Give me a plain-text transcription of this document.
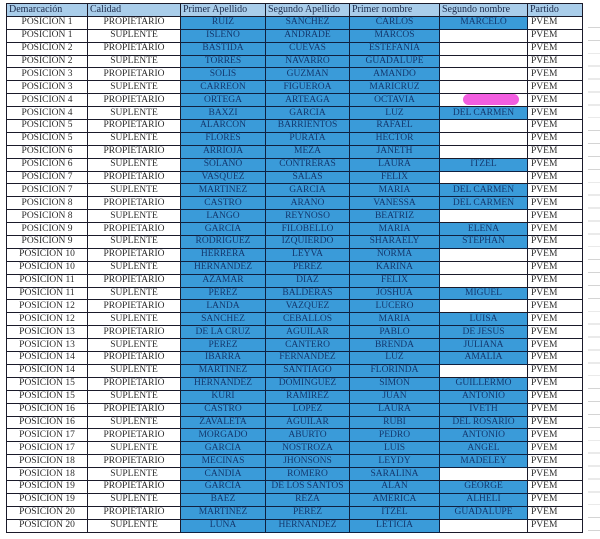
Demarcación	Calidad	Primer Apellido	Segundo Apellido	Primer nombre	Segundo nombre	Partido
POSICION 1	PROPIETARIO	RUIZ	SANCHEZ	CARLOS	MARCELO	PVEM
POSICION 1	SUPLENTE	ISLEÑO	ANDRADE	MARCOS		PVEM
POSICION 2	PROPIETARIO	BASTIDA	CUEVAS	ESTEFANIA		PVEM
POSICION 2	SUPLENTE	TORRES	NAVARRO	GUADALUPE		PVEM
POSICION 3	PROPIETARIO	SOLIS	GUZMAN	AMANDO		PVEM
POSICION 3	SUPLENTE	CARREON	FIGUEROA	MARICRUZ		PVEM
POSICION 4	PROPIETARIO	ORTEGA	ARTEAGA	OCTAVIA		PVEM
POSICION 4	SUPLENTE	BAXZI	GARCIA	LUZ	DEL CARMEN	PVEM
POSICION 5	PROPIETARIO	ALARCON	BARRIENTOS	RAFAEL		PVEM
POSICION 5	SUPLENTE	FLORES	PURATA	HECTOR		PVEM
POSICION 6	PROPIETARIO	ARRIOJA	MEZA	JANETH		PVEM
POSICION 6	SUPLENTE	SOLANO	CONTRERAS	LAURA	ITZEL	PVEM
POSICION 7	PROPIETARIO	VASQUEZ	SALAS	FELIX		PVEM
POSICION 7	SUPLENTE	MARTINEZ	GARCIA	MARIA	DEL CARMEN	PVEM
POSICION 8	PROPIETARIO	CASTRO	ARANO	VANESSA	DEL CARMEN	PVEM
POSICION 8	SUPLENTE	LANGO	REYNOSO	BEATRIZ		PVEM
POSICION 9	PROPIETARIO	GARCIA	FILOBELLO	MARIA	ELENA	PVEM
POSICION 9	SUPLENTE	RODRIGUEZ	IZQUIERDO	SHARAELY	STEPHAN	PVEM
POSICION 10	PROPIETARIO	HERRERA	LEYVA	NORMA		PVEM
POSICION 10	SUPLENTE	HERNANDEZ	PEREZ	KARINA		PVEM
POSICION 11	PROPIETARIO	AZAMAR	DIAZ	FELIX		PVEM
POSICION 11	SUPLENTE	PEREZ	BALDERAS	JOSHUA	MIGUEL	PVEM
POSICION 12	PROPIETARIO	LANDA	VAZQUEZ	LUCERO		PVEM
POSICION 12	SUPLENTE	SANCHEZ	CEBALLOS	MARIA	LUISA	PVEM
POSICION 13	PROPIETARIO	DE LA CRUZ	AGUILAR	PABLO	DE JESUS	PVEM
POSICION 13	SUPLENTE	PEREZ	CANTERO	BRENDA	JULIANA	PVEM
POSICION 14	PROPIETARIO	IBARRA	FERNANDEZ	LUZ	AMALIA	PVEM
POSICION 14	SUPLENTE	MARTINEZ	SANTIAGO	FLORINDA		PVEM
POSICION 15	PROPIETARIO	HERNANDEZ	DOMINGUEZ	SIMON	GUILLERMO	PVEM
POSICION 15	SUPLENTE	KURI	RAMIREZ	JUAN	ANTONIO	PVEM
POSICION 16	PROPIETARIO	CASTRO	LOPEZ	LAURA	IVETH	PVEM
POSICION 16	SUPLENTE	ZAVALETA	AGUILAR	RUBI	DEL ROSARIO	PVEM
POSICION 17	PROPIETARIO	MORGADO	ABURTO	PEDRO	ANTONIO	PVEM
POSICION 17	SUPLENTE	GARCIA	NOSTROZA	LUIS	ANGEL	PVEM
POSICION 18	PROPIETARIO	MECINAS	JHONSONS	LEYDY	MADELEY	PVEM
POSICION 18	SUPLENTE	CANDIA	ROMERO	SARALINA		PVEM
POSICION 19	PROPIETARIO	GARCIA	DE LOS SANTOS	ALAN	GEORGE	PVEM
POSICION 19	SUPLENTE	BAEZ	REZA	AMERICA	ALHELI	PVEM
POSICION 20	PROPIETARIO	MARTINEZ	PEREZ	ITZEL	GUADALUPE	PVEM
POSICION 20	SUPLENTE	LUNA	HERNANDEZ	LETICIA		PVEM
